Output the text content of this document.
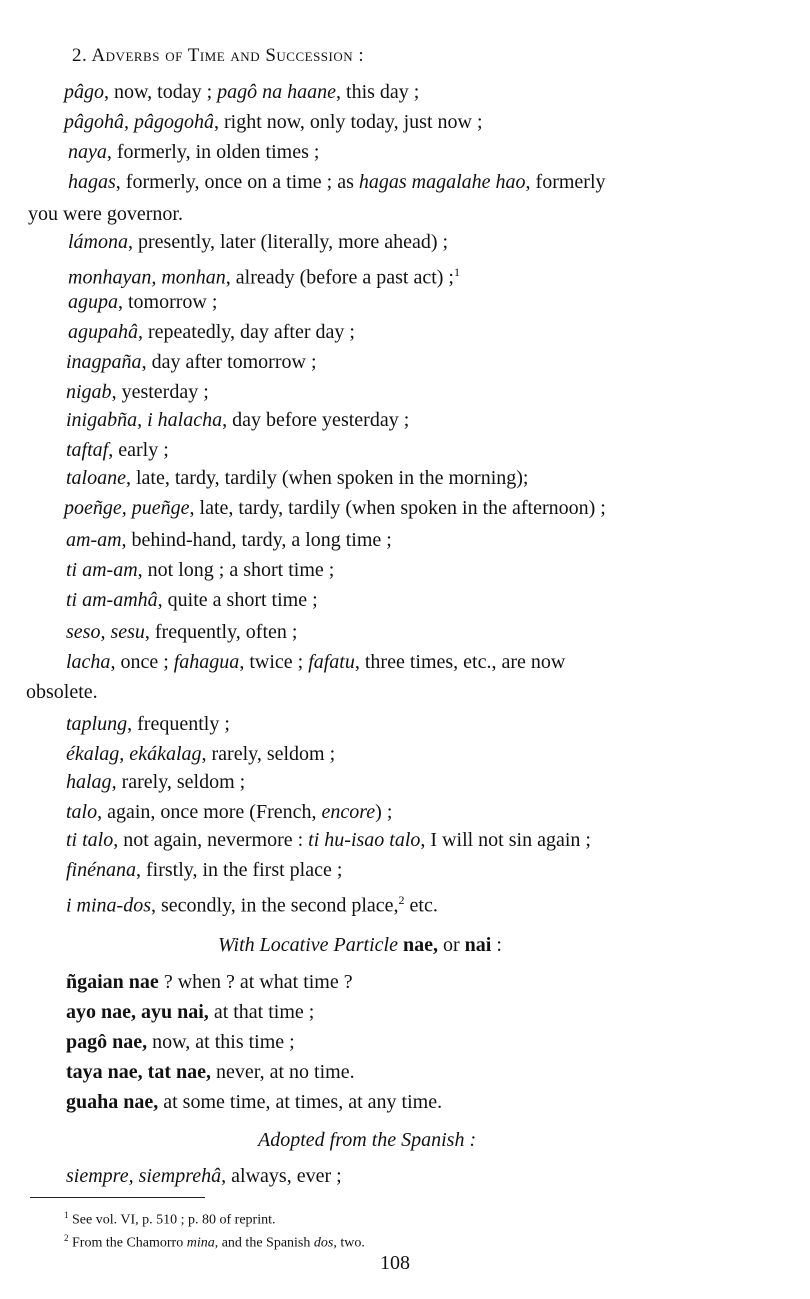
2. Adverbs of Time and Succession :
pâgo, now, today ; pagô na haane, this day ;
pâgohâ, pâgogohâ, right now, only today, just now ;
naya, formerly, in olden times ;
hagas, formerly, once on a time ; as hagas magalahe hao, formerly
you were governor.
lámona, presently, later (literally, more ahead) ;
monhayan, monhan, already (before a past act) ;$^1$
agupa, tomorrow ;
agupahâ, repeatedly, day after day ;
inagpaña, day after tomorrow ;
nigab, yesterday ;
inigabña, i halacha, day before yesterday ;
taftaf, early ;
taloane, late, tardy, tardily (when spoken in the morning);
poeñge, pueñge, late, tardy, tardily (when spoken in the afternoon) ;
am-am, behind-hand, tardy, a long time ;
ti am-am, not long ; a short time ;
ti am-amhâ, quite a short time ;
seso, sesu, frequently, often ;
lacha, once ; fahagua, twice ; fafatu, three times, etc., are now
obsolete.
taplung, frequently ;
ékalag, ekákalag, rarely, seldom ;
halag, rarely, seldom ;
talo, again, once more (French, encore) ;
ti talo, not again, nevermore : ti hu-isao talo, I will not sin again ;
finénana, firstly, in the first place ;
i mina-dos, secondly, in the second place,$^2$ etc.
With Locative Particle nae, or nai :
ñgaian nae ? when ? at what time ?
ayo nae, ayu nai, at that time ;
pagô nae, now, at this time ;
taya nae, tat nae, never, at no time.
guaha nae, at some time, at times, at any time.
Adopted from the Spanish :
siempre, siemprehâ, always, ever ;
$^1$ See vol. VI, p. 510 ; p. 80 of reprint.
$^2$ From the Chamorro mina, and the Spanish dos, two.
108
